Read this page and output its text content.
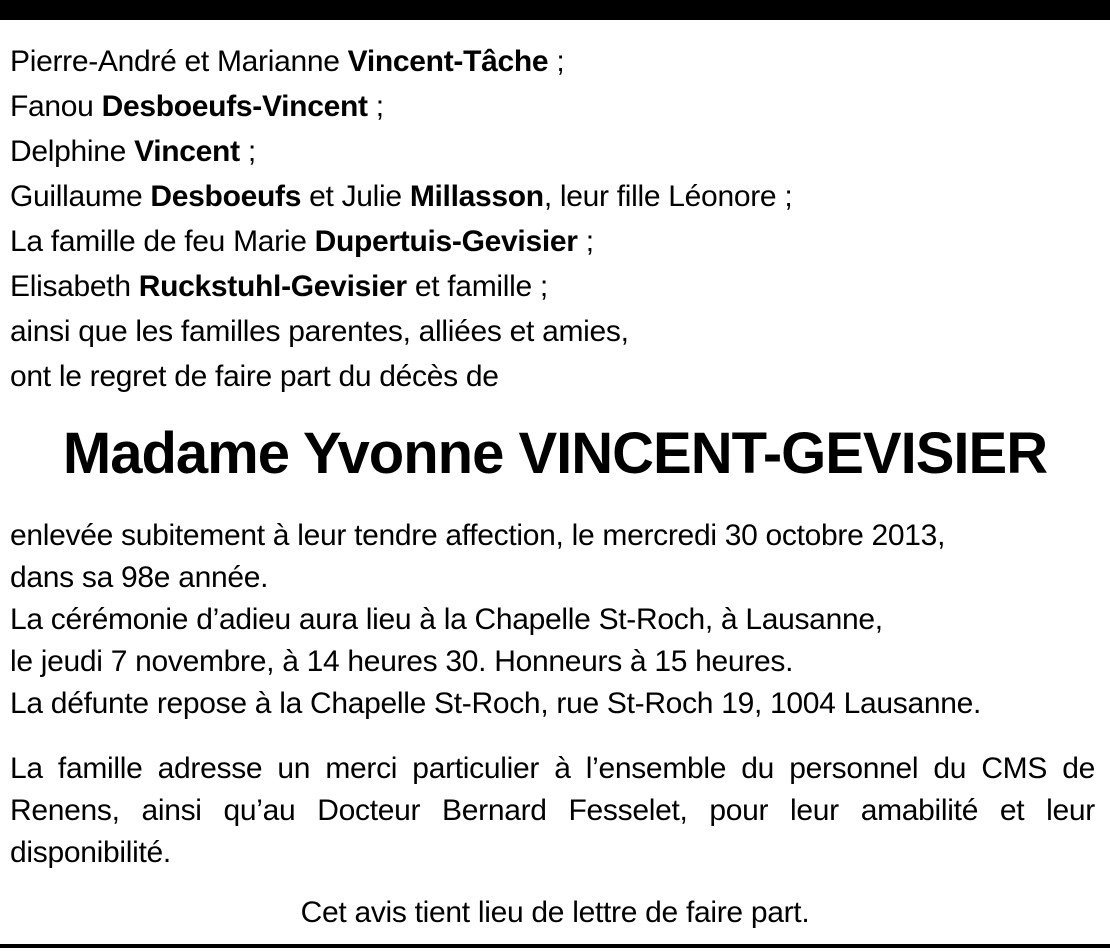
Pierre-André et Marianne Vincent-Tâche ;
Fanou Desboeufs-Vincent ;
Delphine Vincent ;
Guillaume Desboeufs et Julie Millasson, leur fille Léonore ;
La famille de feu Marie Dupertuis-Gevisier ;
Elisabeth Ruckstuhl-Gevisier et famille ;
ainsi que les familles parentes, alliées et amies,
ont le regret de faire part du décès de
Madame Yvonne VINCENT-GEVISIER
enlevée subitement à leur tendre affection, le mercredi 30 octobre 2013,
dans sa 98e année.
La cérémonie d’adieu aura lieu à la Chapelle St-Roch, à Lausanne,
le jeudi 7 novembre, à 14 heures 30. Honneurs à 15 heures.
La défunte repose à la Chapelle St-Roch, rue St-Roch 19, 1004 Lausanne.
La famille adresse un merci particulier à l’ensemble du personnel du CMS de Renens, ainsi qu’au Docteur Bernard Fesselet, pour leur amabilité et leur disponibilité.
Cet avis tient lieu de lettre de faire part.
